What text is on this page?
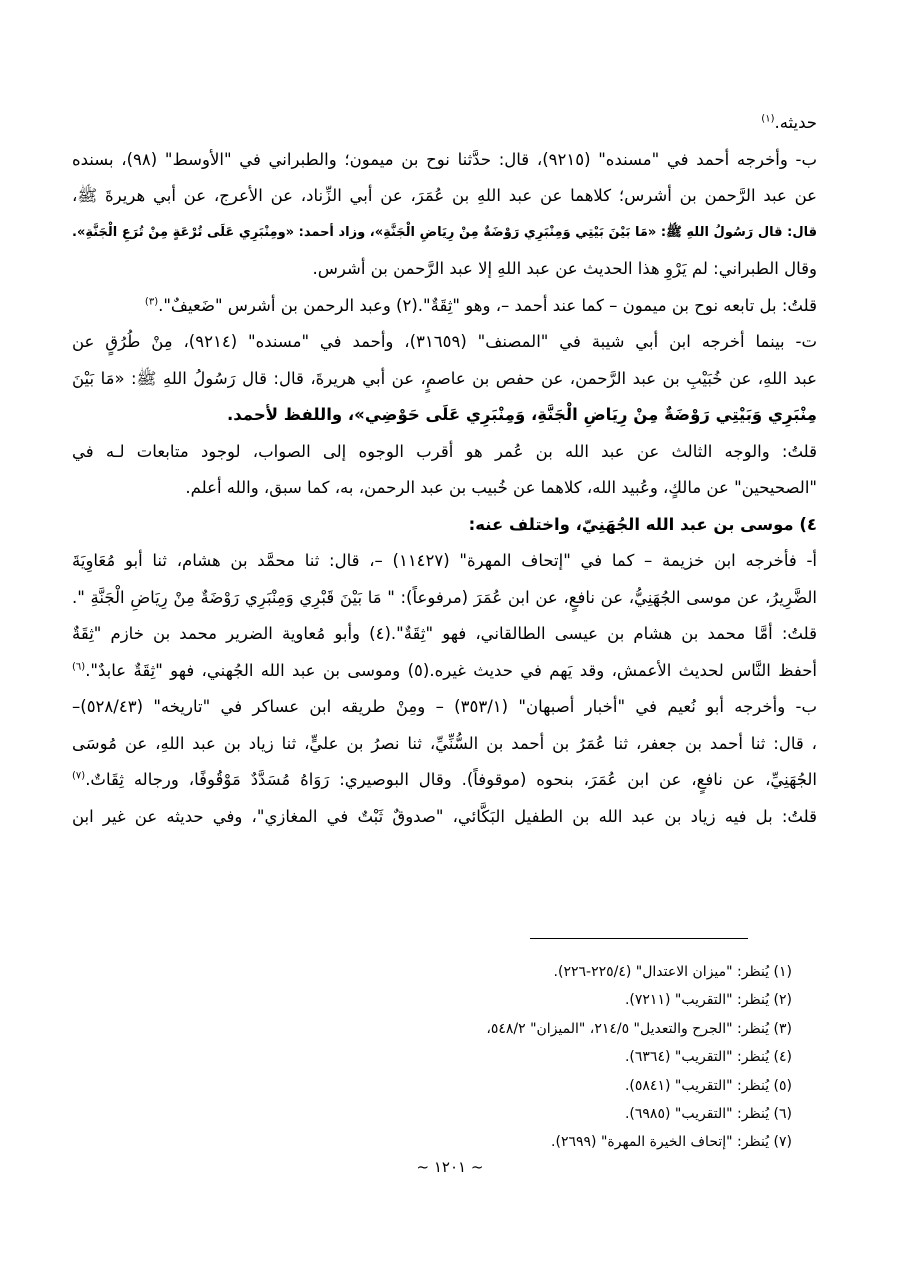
حديثه.$^{(١)}$
ب- وأخرجه أحمد في "مسنده" (٩٢١٥)، قال: حدَّثنا نوح بن ميمون؛ والطبراني في "الأوسط" (٩٨)، بسنده
عن عبد الرَّحمن بن أشرس؛ كلاهما عن عبد اللهِ بن عُمَرَ، عن أبي الزِّناد، عن الأعرج، عن أبي هريرةَ ﷺ،
قال: قال رَسُولُ اللهِ ﷺ: «مَا بَيْنَ بَيْتِي وَمِنْبَرِي رَوْضَةٌ مِنْ رِيَاضِ الْجَنَّةِ»، وزاد أحمد: «ومِنْبَرِي عَلَى تُرْعَةٍ مِنْ تُرَعِ الْجَنَّةِ».
وقال الطبراني: لم يَرْوِ هذا الحديث عن عبد اللهِ إلا عبد الرَّحمن بن أشرس.
قلتُ: بل تابعه نوح بن ميمون – كما عند أحمد –، وهو "ثِقَةٌ".(٢) وعبد الرحمن بن أشرس "ضَعيفٌ".$^{(٣)}$
ت- بينما أخرجه ابن أبي شيبة في "المصنف" (٣١٦٥٩)، وأحمد في "مسنده" (٩٢١٤)، مِنْ طُرُقٍ عن
عبد اللهِ، عن خُبَيْبِ بن عبد الرَّحمن، عن حفص بن عاصمٍ، عن أبي هريرةَ، قال: قال رَسُولُ اللهِ ﷺ: «مَا بَيْنَ
مِنْبَرِي وَبَيْتِي رَوْضَةٌ مِنْ رِيَاضِ الْجَنَّةِ، وَمِنْبَرِي عَلَى حَوْضِي»، واللفظ لأحمد.
قلتُ: والوجه الثالث عن عبد الله بن عُمر هو أقرب الوجوه إلى الصواب، لوجود متابعات لـه في
"الصحيحين" عن مالكٍ، وعُبيد الله، كلاهما عن خُبيب بن عبد الرحمن، به، كما سبق، والله أعلم.
٤) موسى بن عبد الله الجُهَنِيّ، واختلف عنه:
أ- فأخرجه ابن خزيمة – كما في "إتحاف المهرة" (١١٤٢٧) –، قال: ثنا محمَّد بن هشام، ثنا أبو مُعَاوِيَةَ
الضَّرِيرُ، عن موسى الجُهَنِيُّ، عن نافعٍ، عن ابن عُمَرَ (مرفوعاً): " مَا بَيْنَ قَبْرِي وَمِنْبَرِي رَوْضَةٌ مِنْ رِيَاضِ الْجَنَّةِ ".
قلتُ: أمَّا محمد بن هشام بن عيسى الطالقاني، فهو "ثِقَةٌ".(٤) وأبو مُعاوية الضرير محمد بن خازم "ثِقَةٌ
أحفظ النَّاس لحديث الأعمش، وقد يَهم في حديث غيره.(٥) وموسى بن عبد الله الجُهني، فهو "ثِقَةٌ عابدٌ".$^{(٦)}$
ب- وأخرجه أبو نُعيم في "أخبار أصبهان" (٣٥٣/١) – ومِنْ طريقه ابن عساكر في "تاريخه" (٥٢٨/٤٣)–
، قال: ثنا أحمد بن جعفر، ثنا عُمَرُ بن أحمد بن السُّنِّيِّ، ثنا نصرُ بن عليٍّ، ثنا زياد بن عبد اللهِ، عن مُوسَى
الجُهَنِيِّ، عن نافعٍ، عن ابن عُمَرَ، بنحوه (موقوفاً). وقال البوصيري: رَوَاهُ مُسَدَّدٌ مَوْقُوفًا، ورجاله ثِقَاتٌ.$^{(٧)}$
قلتُ: بل فيه زياد بن عبد الله بن الطفيل البَكَّائي، "صدوقٌ ثَبْتٌ في المغازي"، وفي حديثه عن غير ابن
(١) يُنظر: "ميزان الاعتدال" (٢٢٥/٤-٢٢٦).
(٢) يُنظر: "التقريب" (٧٢١١).
(٣) يُنظر: "الجرح والتعديل" ٢١٤/٥، "الميزان" ٥٤٨/٢،
(٤) يُنظر: "التقريب" (٦٣٦٤).
(٥) يُنظر: "التقريب" (٥٨٤١).
(٦) يُنظر: "التقريب" (٦٩٨٥).
(٧) يُنظر: "إتحاف الخيرة المهرة" (٢٦٩٩).
~ ١٢٠١ ~
